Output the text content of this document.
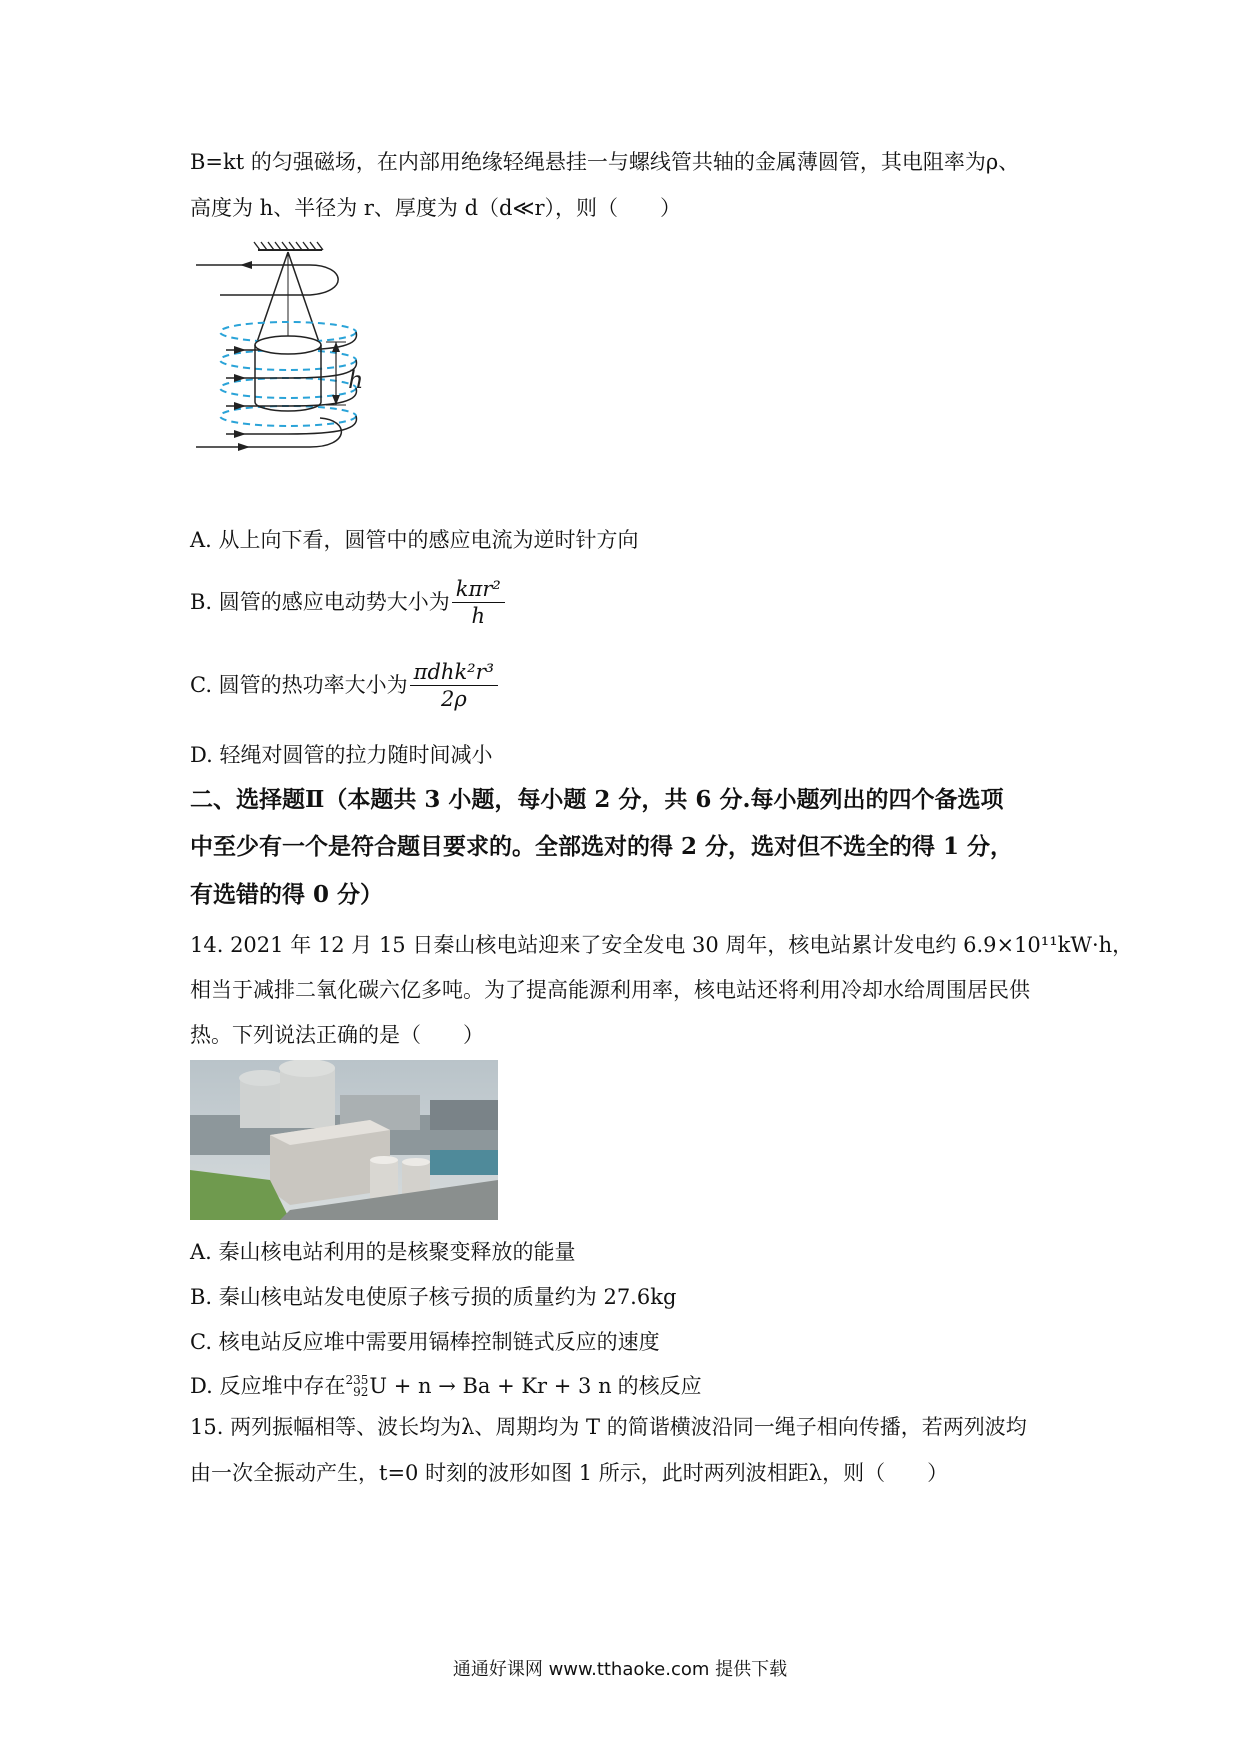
B=kt 的匀强磁场，在内部用绝缘轻绳悬挂一与螺线管共轴的金属薄圆管，其电阻率为ρ、
高度为 h、半径为 r、厚度为 d（d≪r），则（　　）
h
A. 从上向下看，圆管中的感应电流为逆时针方向
B. 圆管的感应电动势大小为 $\frac{\text{kπr²}}{h}$
C. 圆管的热功率大小为 $\frac{\text{πdhk²r³}}{2\rho}$
D. 轻绳对圆管的拉力随时间减小
二、选择题Ⅱ（本题共 3 小题，每小题 2 分，共 6 分.每小题列出的四个备选项
中至少有一个是符合题目要求的。全部选对的得 2 分，选对但不选全的得 1 分，
有选错的得 0 分）
14. 2021 年 12 月 15 日秦山核电站迎来了安全发电 30 周年，核电站累计发电约 6.9×10¹¹kW·h，
相当于减排二氧化碳六亿多吨。为了提高能源利用率，核电站还将利用冷却水给周围居民供
热。下列说法正确的是（　　）
A. 秦山核电站利用的是核聚变释放的能量
B. 秦山核电站发电使原子核亏损的质量约为 27.6kg
C. 核电站反应堆中需要用镉棒控制链式反应的速度
D. 反应堆中存在 235
92 U + n → Ba + Kr + 3 n 的核反应
15. 两列振幅相等、波长均为λ、周期均为 T 的简谐横波沿同一绳子相向传播，若两列波均
由一次全振动产生，t=0 时刻的波形如图 1 所示，此时两列波相距λ，则（　　）
通通好课网 www.tthaoke.com 提供下载
